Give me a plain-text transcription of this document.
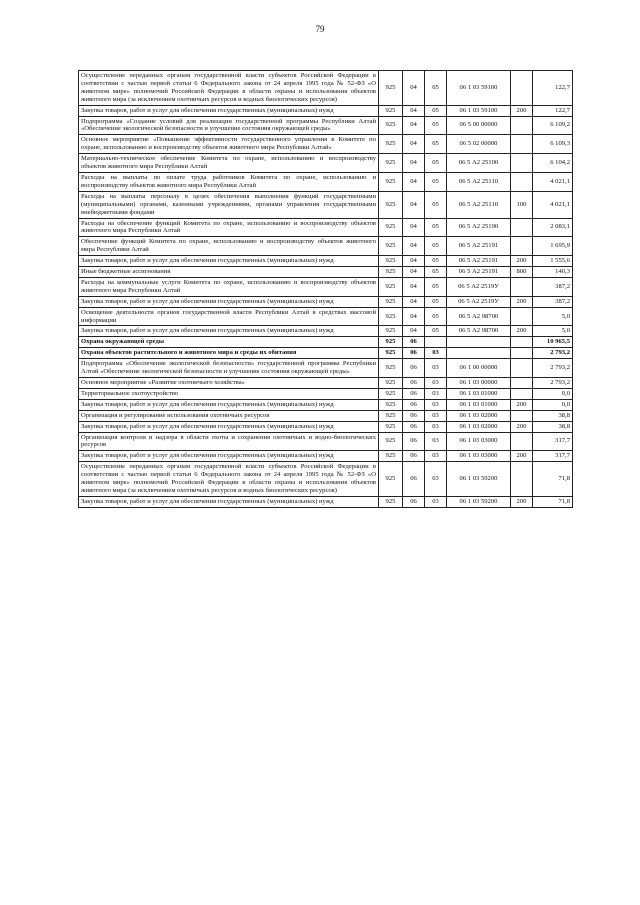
79
Осуществление переданных органам государственной власти субъектов Российской Федерации в соответствии с частью первой статьи 6 Федерального закона от 24 апреля 1995 года № 52-ФЗ «О животном мире» полномочий Российской Федерации в области охраны и использования объектов животного мира (за исключением охотничьих ресурсов и водных биологических ресурсов)	925	04	05	06 1 03 59100		122,7
Закупка товаров, работ и услуг для обеспечения государственных (муниципальных) нужд	925	04	05	06 1 03 59100	200	122,7
Подпрограмма «Создание условий для реализации государственной программы Республики Алтай «Обеспечение экологической безопасности и улучшение состояния окружающей среды»	925	04	05	06 5 00 00000		6 109,2
Основное мероприятие «Повышение эффективности государственного управления в Комитете по охране, использованию и воспроизводству объектов животного мира Республики Алтай»	925	04	05	06 5 02 00000		6 109,3
Материально-техническое обеспечение Комитета по охране, использованию и воспроизводству объектов животного мира Республики Алтай	925	04	05	06 5 А2 25100		6 104,2
Расходы на выплаты по оплате труда работников Комитета по охране, использованию и воспроизводству объектов животного мира Республики Алтай	925	04	05	06 5 А2 25110		4 021,1
Расходы на выплаты персоналу в целях обеспечения выполнения функций государственными (муниципальными) органами, казенными учреждениями, органами управления государственными внебюджетными фондами	925	04	05	06 5 А2 25110	100	4 021,1
Расходы на обеспечение функций Комитета по охране, использованию и воспроизводству объектов животного мира Республики Алтай	925	04	05	06 5 А2 25190		2 083,1
Обеспечение функций Комитета по охране, использованию и воспроизводству объектов животного мира Республики Алтай	925	04	05	06 5 А2 25191		1 695,9
Закупка товаров, работ и услуг для обеспечения государственных (муниципальных) нужд	925	04	05	06 5 А2 25191	200	1 555,6
Иные бюджетные ассигнования	925	04	05	06 5 А2 25191	800	140,3
Расходы на коммунальные услуги Комитета по охране, использованию и воспроизводству объектов животного мира Республики Алтай	925	04	05	06 5 А2 2519У		387,2
Закупка товаров, работ и услуг для обеспечения государственных (муниципальных) нужд	925	04	05	06 5 А2 2519У	200	387,2
Освещение деятельности органов государственной власти Республики Алтай в средствах массовой информации	925	04	05	06 5 А2 98700		5,0
Закупка товаров, работ и услуг для обеспечения государственных (муниципальных) нужд	925	04	05	06 5 А2 98700	200	5,0
Охрана окружающей среды	925	06				10 965,5
Охрана объектов растительного и животного мира и среды их обитания	925	06	03			2 793,2
Подпрограмма «Обеспечение экологической безопасности» государственной программы Республики Алтай «Обеспечение экологической безопасности и улучшение состояния окружающей среды»	925	06	03	06 1 00 00000		2 793,2
Основное мероприятие «Развитие охотничьего хозяйства»	925	06	03	06 1 03 00000		2 793,2
Территориальное охотоустройство	925	06	03	06 1 03 01000		0,0
Закупка товаров, работ и услуг для обеспечения государственных (муниципальных) нужд	925	06	03	06 1 03 01000	200	0,0
Организация и регулирование использования охотничьих ресурсов	925	06	03	06 1 03 02000		38,8
Закупка товаров, работ и услуг для обеспечения государственных (муниципальных) нужд	925	06	03	06 1 03 02000	200	38,8
Организация контроля и надзора в области охоты и сохранения охотничьих и водно-биологических ресурсов	925	06	03	06 1 03 03000		317,7
Закупка товаров, работ и услуг для обеспечения государственных (муниципальных) нужд	925	06	03	06 1 03 03000	200	317,7
Осуществление переданных органам государственной власти субъектов Российской Федерации в соответствии с частью первой статьи 6 Федерального закона от 24 апреля 1995 года № 52-ФЗ «О животном мире» полномочий Российской Федерации в области охраны и использования объектов животного мира (за исключением охотничьих ресурсов и водных биологических ресурсов)	925	06	03	06 1 03 59200		71,8
Закупка товаров, работ и услуг для обеспечения государственных (муниципальных) нужд	925	06	03	06 1 03 59200	200	71,8
